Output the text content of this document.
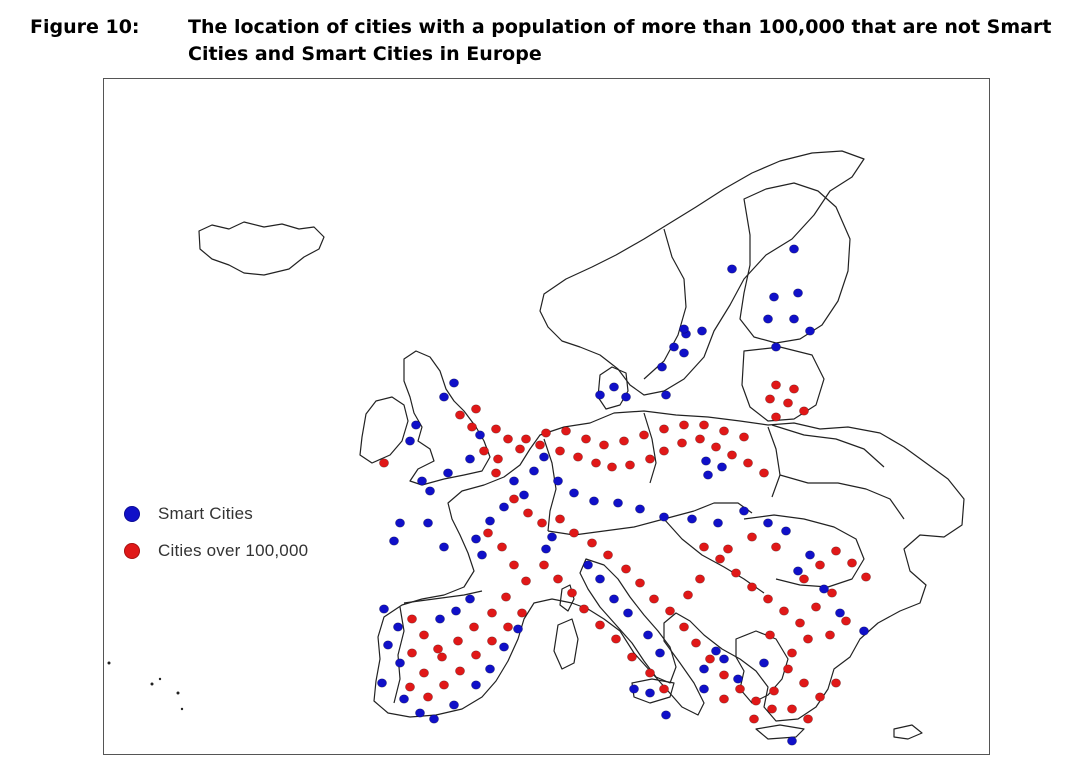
Figure 10:	The location of cities with a population of more than 100,000 that are not Smart Cities and Smart Cities in Europe
Smart Cities
Cities over 100,000
